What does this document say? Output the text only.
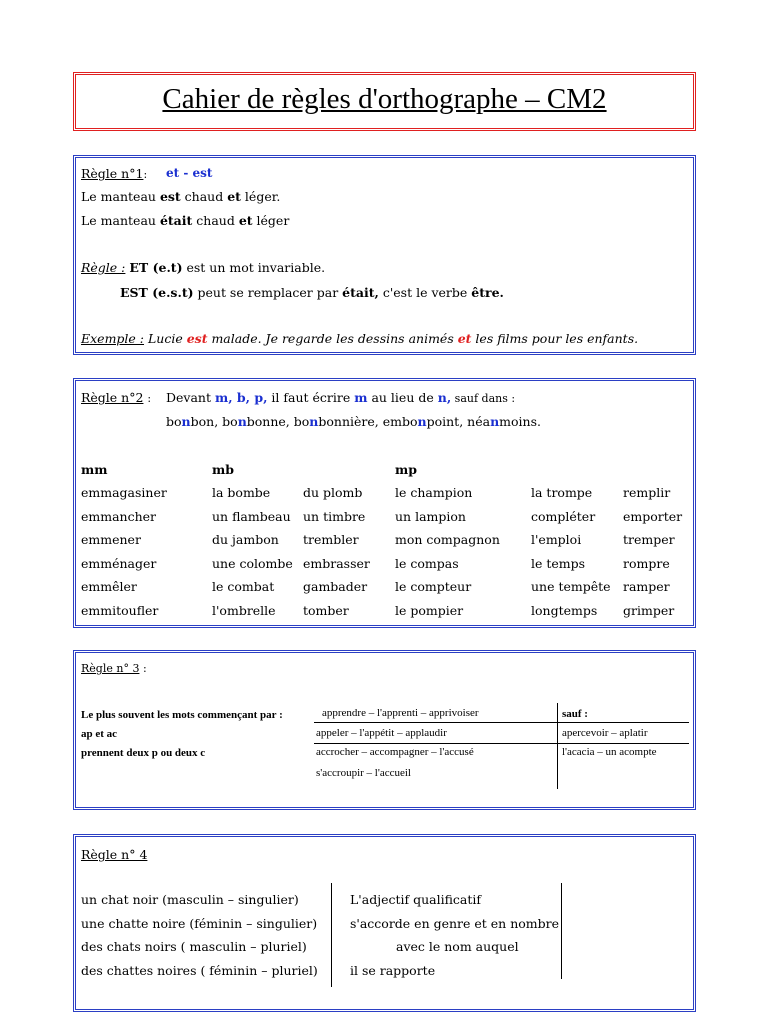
Cahier de règles d'orthographe – CM2
Règle n°1: et - est
Le manteau est chaud et léger.
Le manteau était chaud et léger
Règle : ET (e.t) est un mot invariable.
EST (e.s.t) peut se remplacer par était, c'est le verbe être.
Exemple : Lucie est malade. Je regarde les dessins animés et les films pour les enfants.
Règle n°2 : Devant m, b, p, il faut écrire m au lieu de n, sauf dans :
bonbon, bonbonne, bonbonnière, embonpoint, néanmoins.
mm	mb	mp
emmagasiner
emmancher
emmener
emménager
emmêler
emmitoufler
la bombe
un flambeau
du jambon
une colombe
le combat
l'ombrelle
du plomb
un timbre
trembler
embrasser
gambader
tomber
le champion
un lampion
mon compagnon
le compas
le compteur
le pompier
la trompe
compléter
l'emploi
le temps
une tempête
longtemps
remplir
emporter
tremper
rompre
ramper
grimper
Règle n° 3 :
Le plus souvent les mots commençant par :
ap et ac
prennent deux p ou deux c
apprendre – l'apprenti – apprivoiser
appeler – l'appétit – applaudir
accrocher – accompagner – l'accusé
s'accroupir – l'accueil
sauf :
apercevoir – aplatir
l'acacia – un acompte
Règle n° 4
un chat noir (masculin – singulier)
une chatte noire (féminin – singulier)
des chats noirs ( masculin – pluriel)
des chattes noires ( féminin – pluriel)
L'adjectif qualificatif
s'accorde en genre et en nombre
avec le nom auquel
il se rapporte
